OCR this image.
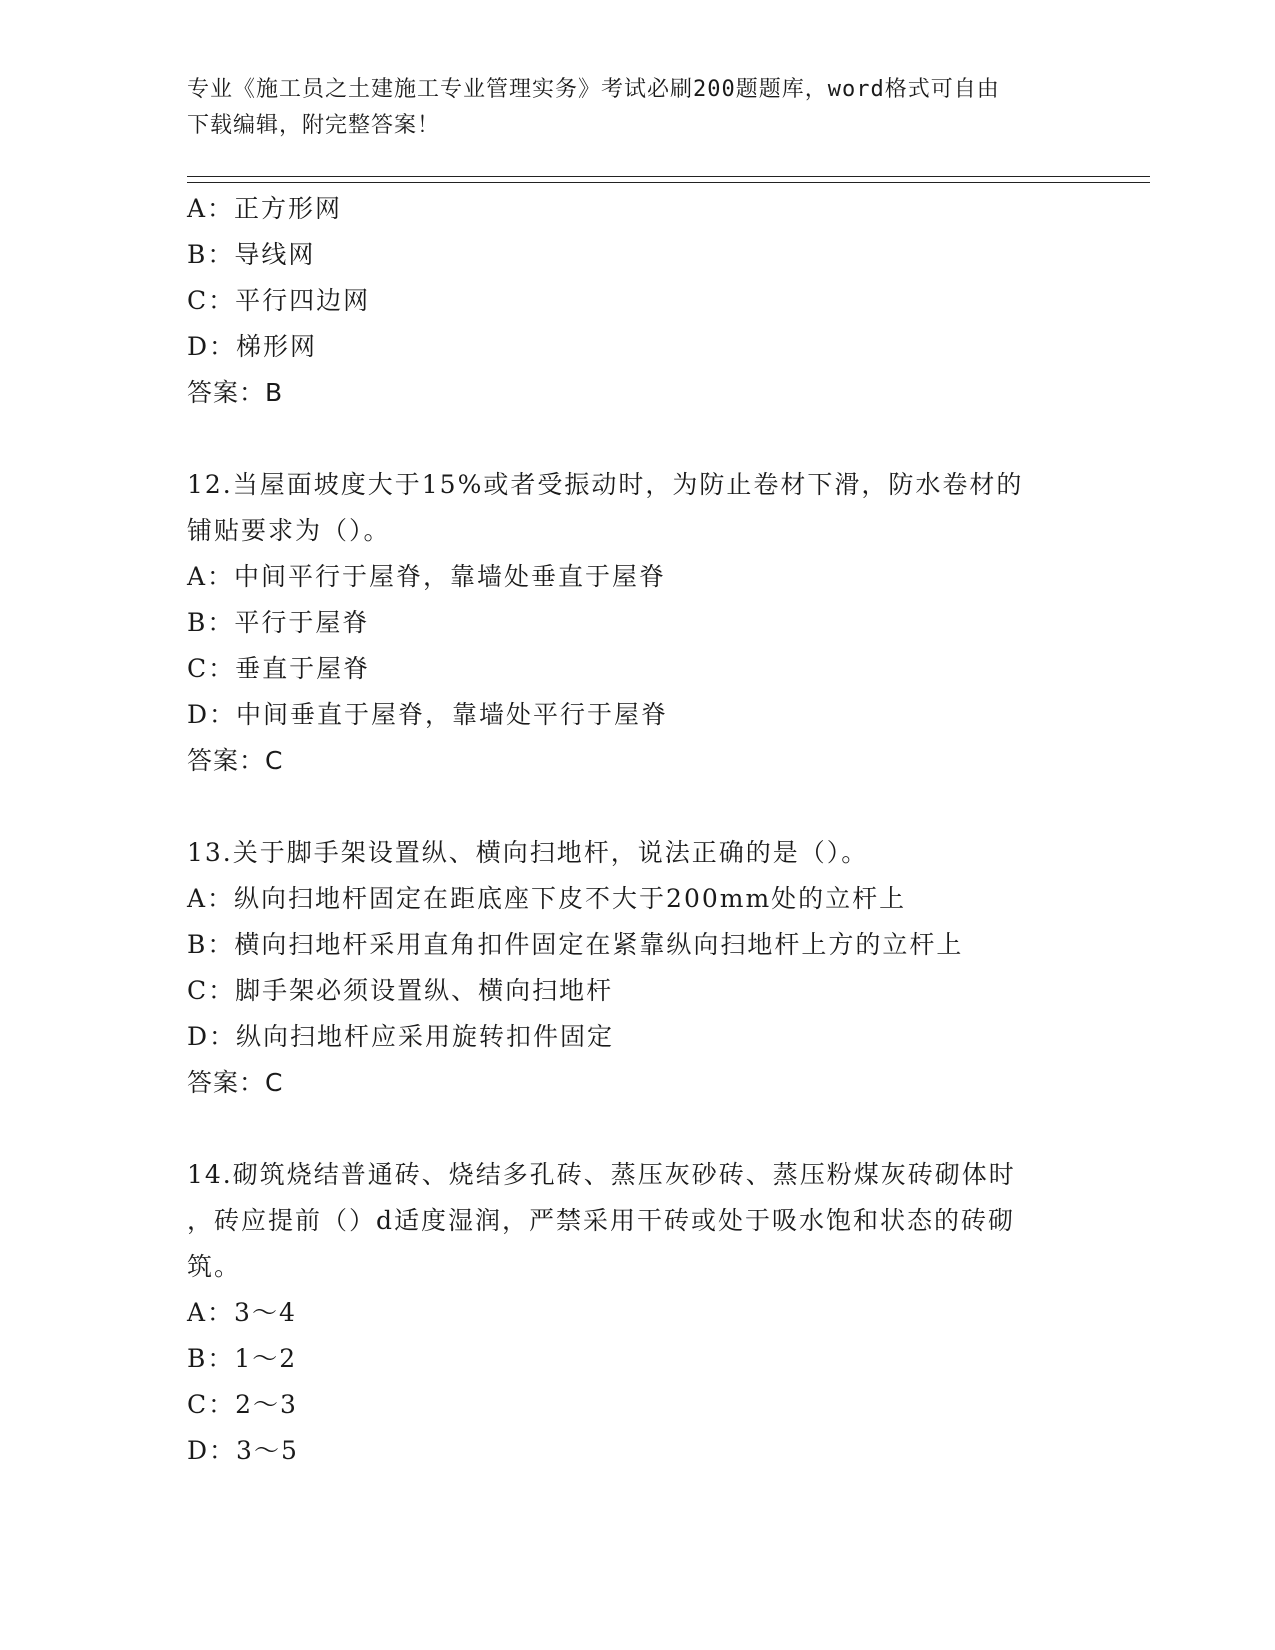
专业《施工员之土建施工专业管理实务》考试必刷200题题库，word格式可自由
下载编辑，附完整答案！
A：正方形网
B：导线网
C：平行四边网
D：梯形网
答案：B
12.当屋面坡度大于15%或者受振动时，为防止卷材下滑，防水卷材的
铺贴要求为（）。
A：中间平行于屋脊，靠墙处垂直于屋脊
B：平行于屋脊
C：垂直于屋脊
D：中间垂直于屋脊，靠墙处平行于屋脊
答案：C
13.关于脚手架设置纵、横向扫地杆，说法正确的是（）。
A：纵向扫地杆固定在距底座下皮不大于200mm处的立杆上
B：横向扫地杆采用直角扣件固定在紧靠纵向扫地杆上方的立杆上
C：脚手架必须设置纵、横向扫地杆
D：纵向扫地杆应采用旋转扣件固定
答案：C
14.砌筑烧结普通砖、烧结多孔砖、蒸压灰砂砖、蒸压粉煤灰砖砌体时
，砖应提前（）d适度湿润，严禁采用干砖或处于吸水饱和状态的砖砌
筑。
A：3～4
B：1～2
C：2～3
D：3～5
